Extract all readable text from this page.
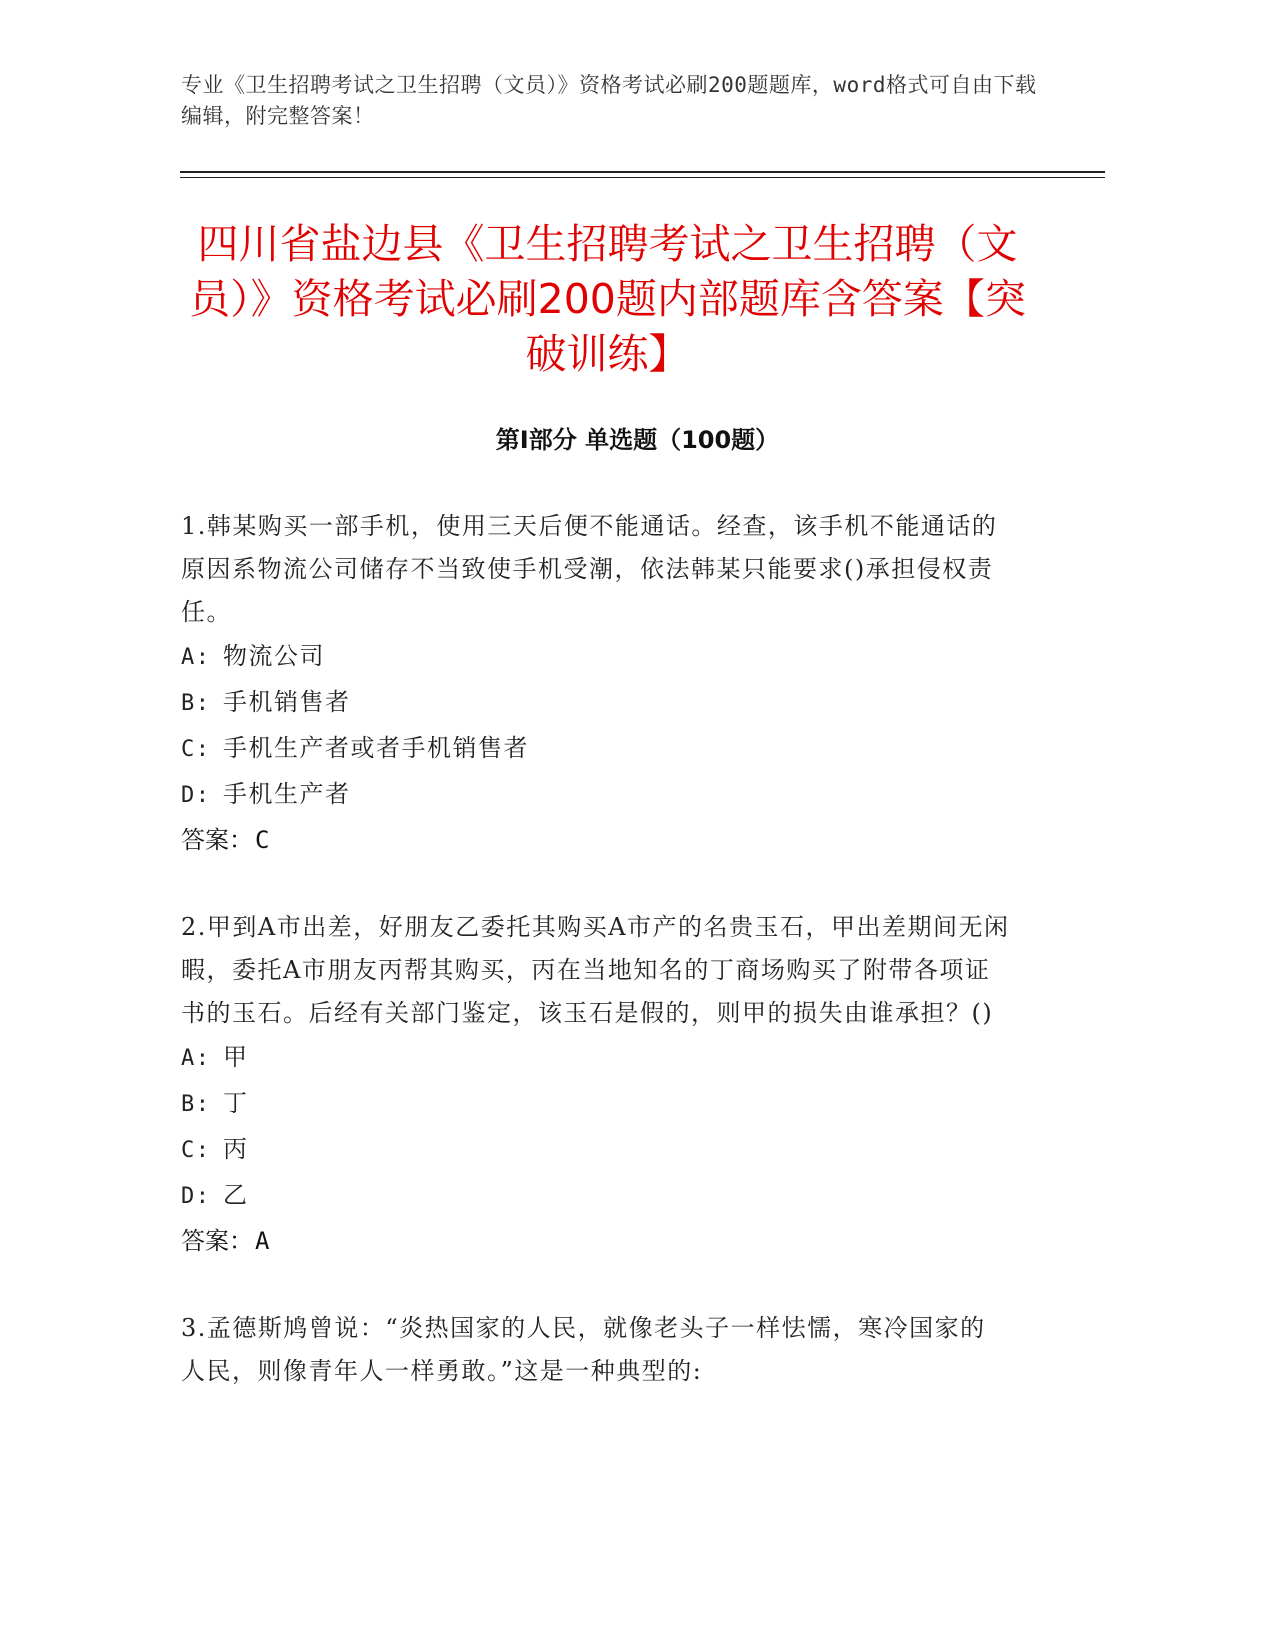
专业《卫生招聘考试之卫生招聘（文员）》资格考试必刷200题题库，word格式可自由下载编辑，附完整答案！
四川省盐边县《卫生招聘考试之卫生招聘（文员）》资格考试必刷200题内部题库含答案【突破训练】
第Ⅰ部分 单选题（100题）

1.韩某购买一部手机，使用三天后便不能通话。经查，该手机不能通话的原因系物流公司储存不当致使手机受潮，依法韩某只能要求()承担侵权责任。

A: 物流公司
B: 手机销售者
C: 手机生产者或者手机销售者
D: 手机生产者
答案：C

2.甲到A市出差，好朋友乙委托其购买A市产的名贵玉石，甲出差期间无闲暇，委托A市朋友丙帮其购买，丙在当地知名的丁商场购买了附带各项证书的玉石。后经有关部门鉴定，该玉石是假的，则甲的损失由谁承担？()

A: 甲
B: 丁
C: 丙
D: 乙
答案：A

3.孟德斯鸠曾说：“炎热国家的人民，就像老头子一样怯懦，寒冷国家的人民，则像青年人一样勇敢。”这是一种典型的:
